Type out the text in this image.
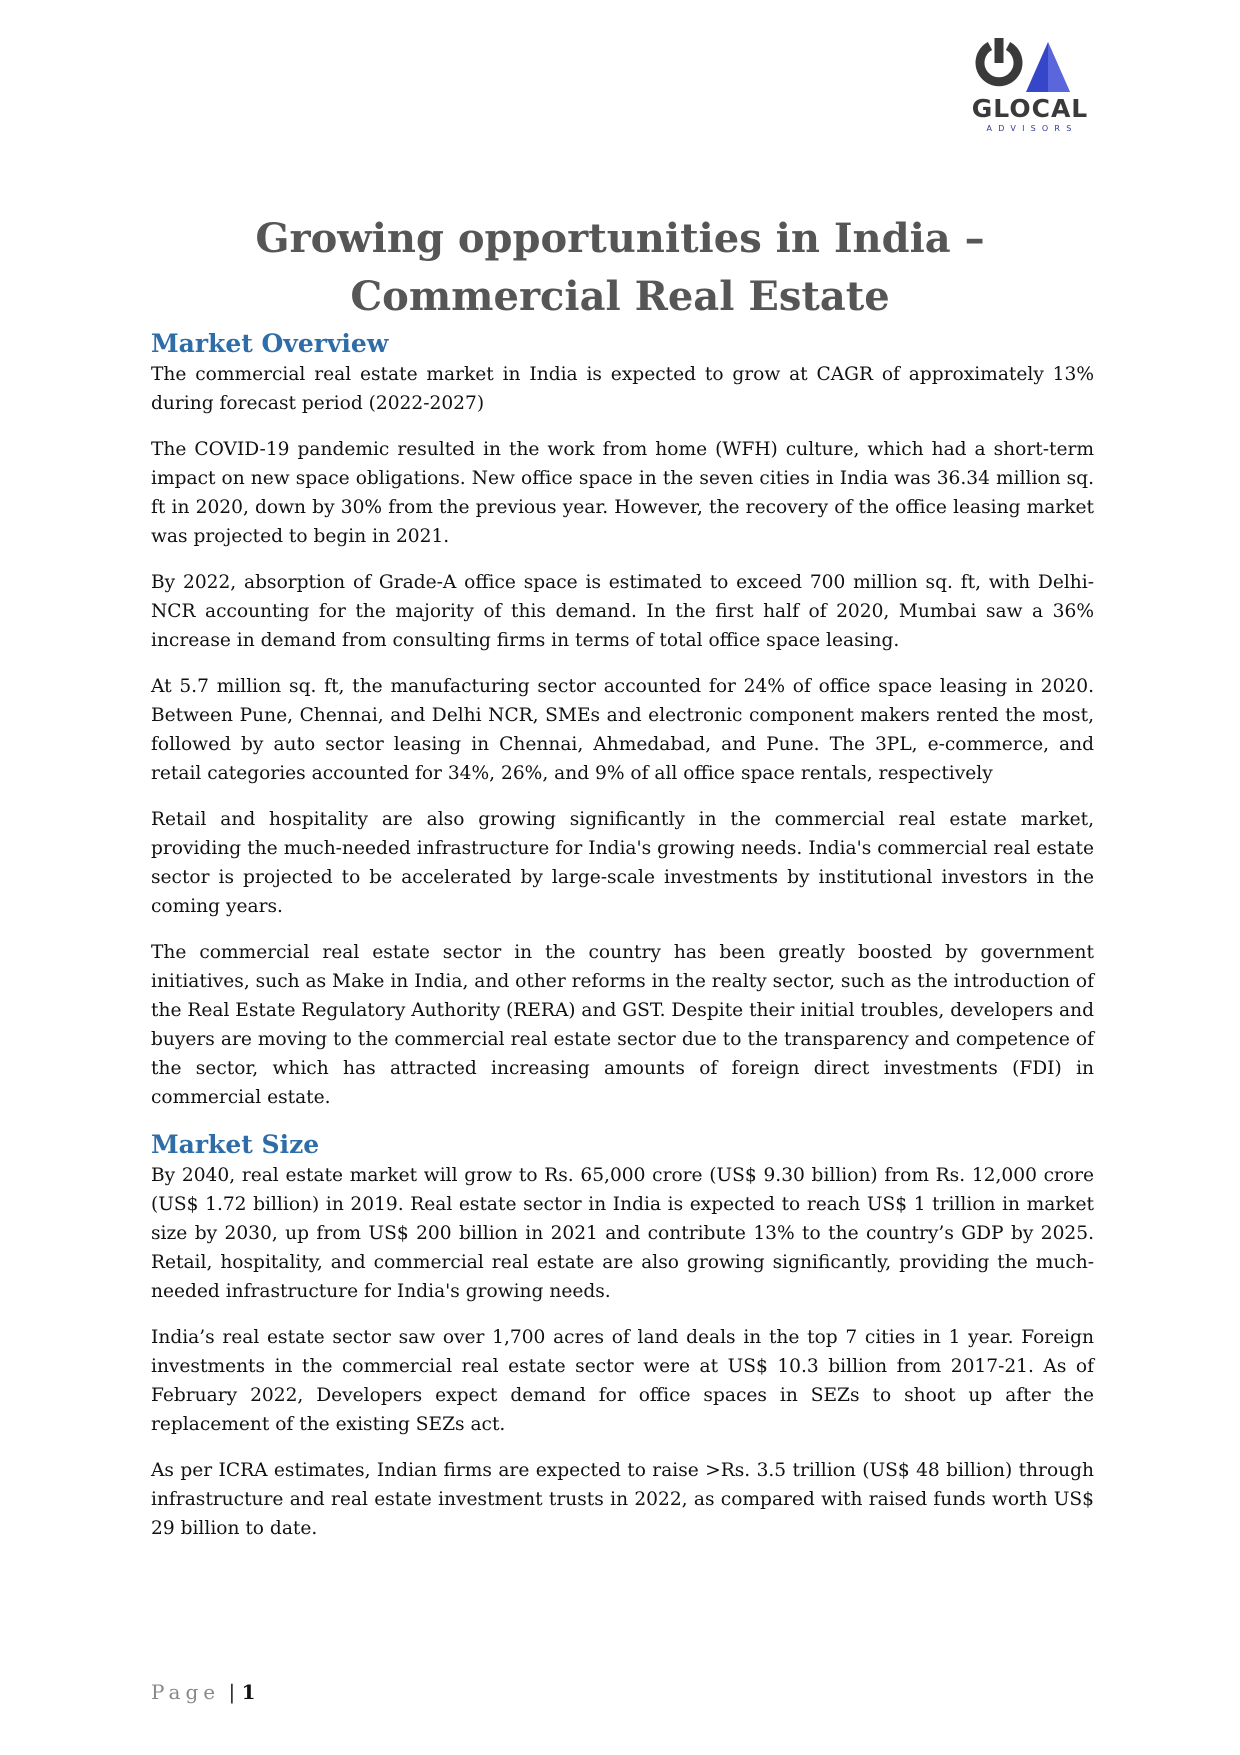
GLOCAL
ADVISORS
Growing opportunities in India –
Commercial Real Estate
Market Overview

The commercial real estate market in India is expected to grow at CAGR of approximately 13% during forecast period (2022-2027)

The COVID-19 pandemic resulted in the work from home (WFH) culture, which had a short-term impact on new space obligations. New office space in the seven cities in India was 36.34 million sq. ft in 2020, down by 30% from the previous year. However, the recovery of the office leasing market was projected to begin in 2021.

By 2022, absorption of Grade-A office space is estimated to exceed 700 million sq. ft, with Delhi-NCR accounting for the majority of this demand. In the first half of 2020, Mumbai saw a 36% increase in demand from consulting firms in terms of total office space leasing.

At 5.7 million sq. ft, the manufacturing sector accounted for 24% of office space leasing in 2020. Between Pune, Chennai, and Delhi NCR, SMEs and electronic component makers rented the most, followed by auto sector leasing in Chennai, Ahmedabad, and Pune. The 3PL, e-commerce, and retail categories accounted for 34%, 26%, and 9% of all office space rentals, respectively

Retail and hospitality are also growing significantly in the commercial real estate market, providing the much-needed infrastructure for India's growing needs. India's commercial real estate sector is projected to be accelerated by large-scale investments by institutional investors in the coming years.

The commercial real estate sector in the country has been greatly boosted by government initiatives, such as Make in India, and other reforms in the realty sector, such as the introduction of the Real Estate Regulatory Authority (RERA) and GST. Despite their initial troubles, developers and buyers are moving to the commercial real estate sector due to the transparency and competence of the sector, which has attracted increasing amounts of foreign direct investments (FDI) in commercial estate.

Market Size

By 2040, real estate market will grow to Rs. 65,000 crore (US$ 9.30 billion) from Rs. 12,000 crore (US$ 1.72 billion) in 2019. Real estate sector in India is expected to reach US$ 1 trillion in market size by 2030, up from US$ 200 billion in 2021 and contribute 13% to the country’s GDP by 2025. Retail, hospitality, and commercial real estate are also growing significantly, providing the much-needed infrastructure for India's growing needs.

India’s real estate sector saw over 1,700 acres of land deals in the top 7 cities in 1 year. Foreign investments in the commercial real estate sector were at US$ 10.3 billion from 2017-21. As of February 2022, Developers expect demand for office spaces in SEZs to shoot up after the replacement of the existing SEZs act.

As per ICRA estimates, Indian firms are expected to raise >Rs. 3.5 trillion (US$ 48 billion) through infrastructure and real estate investment trusts in 2022, as compared with raised funds worth US$ 29 billion to date.

Page | 1
